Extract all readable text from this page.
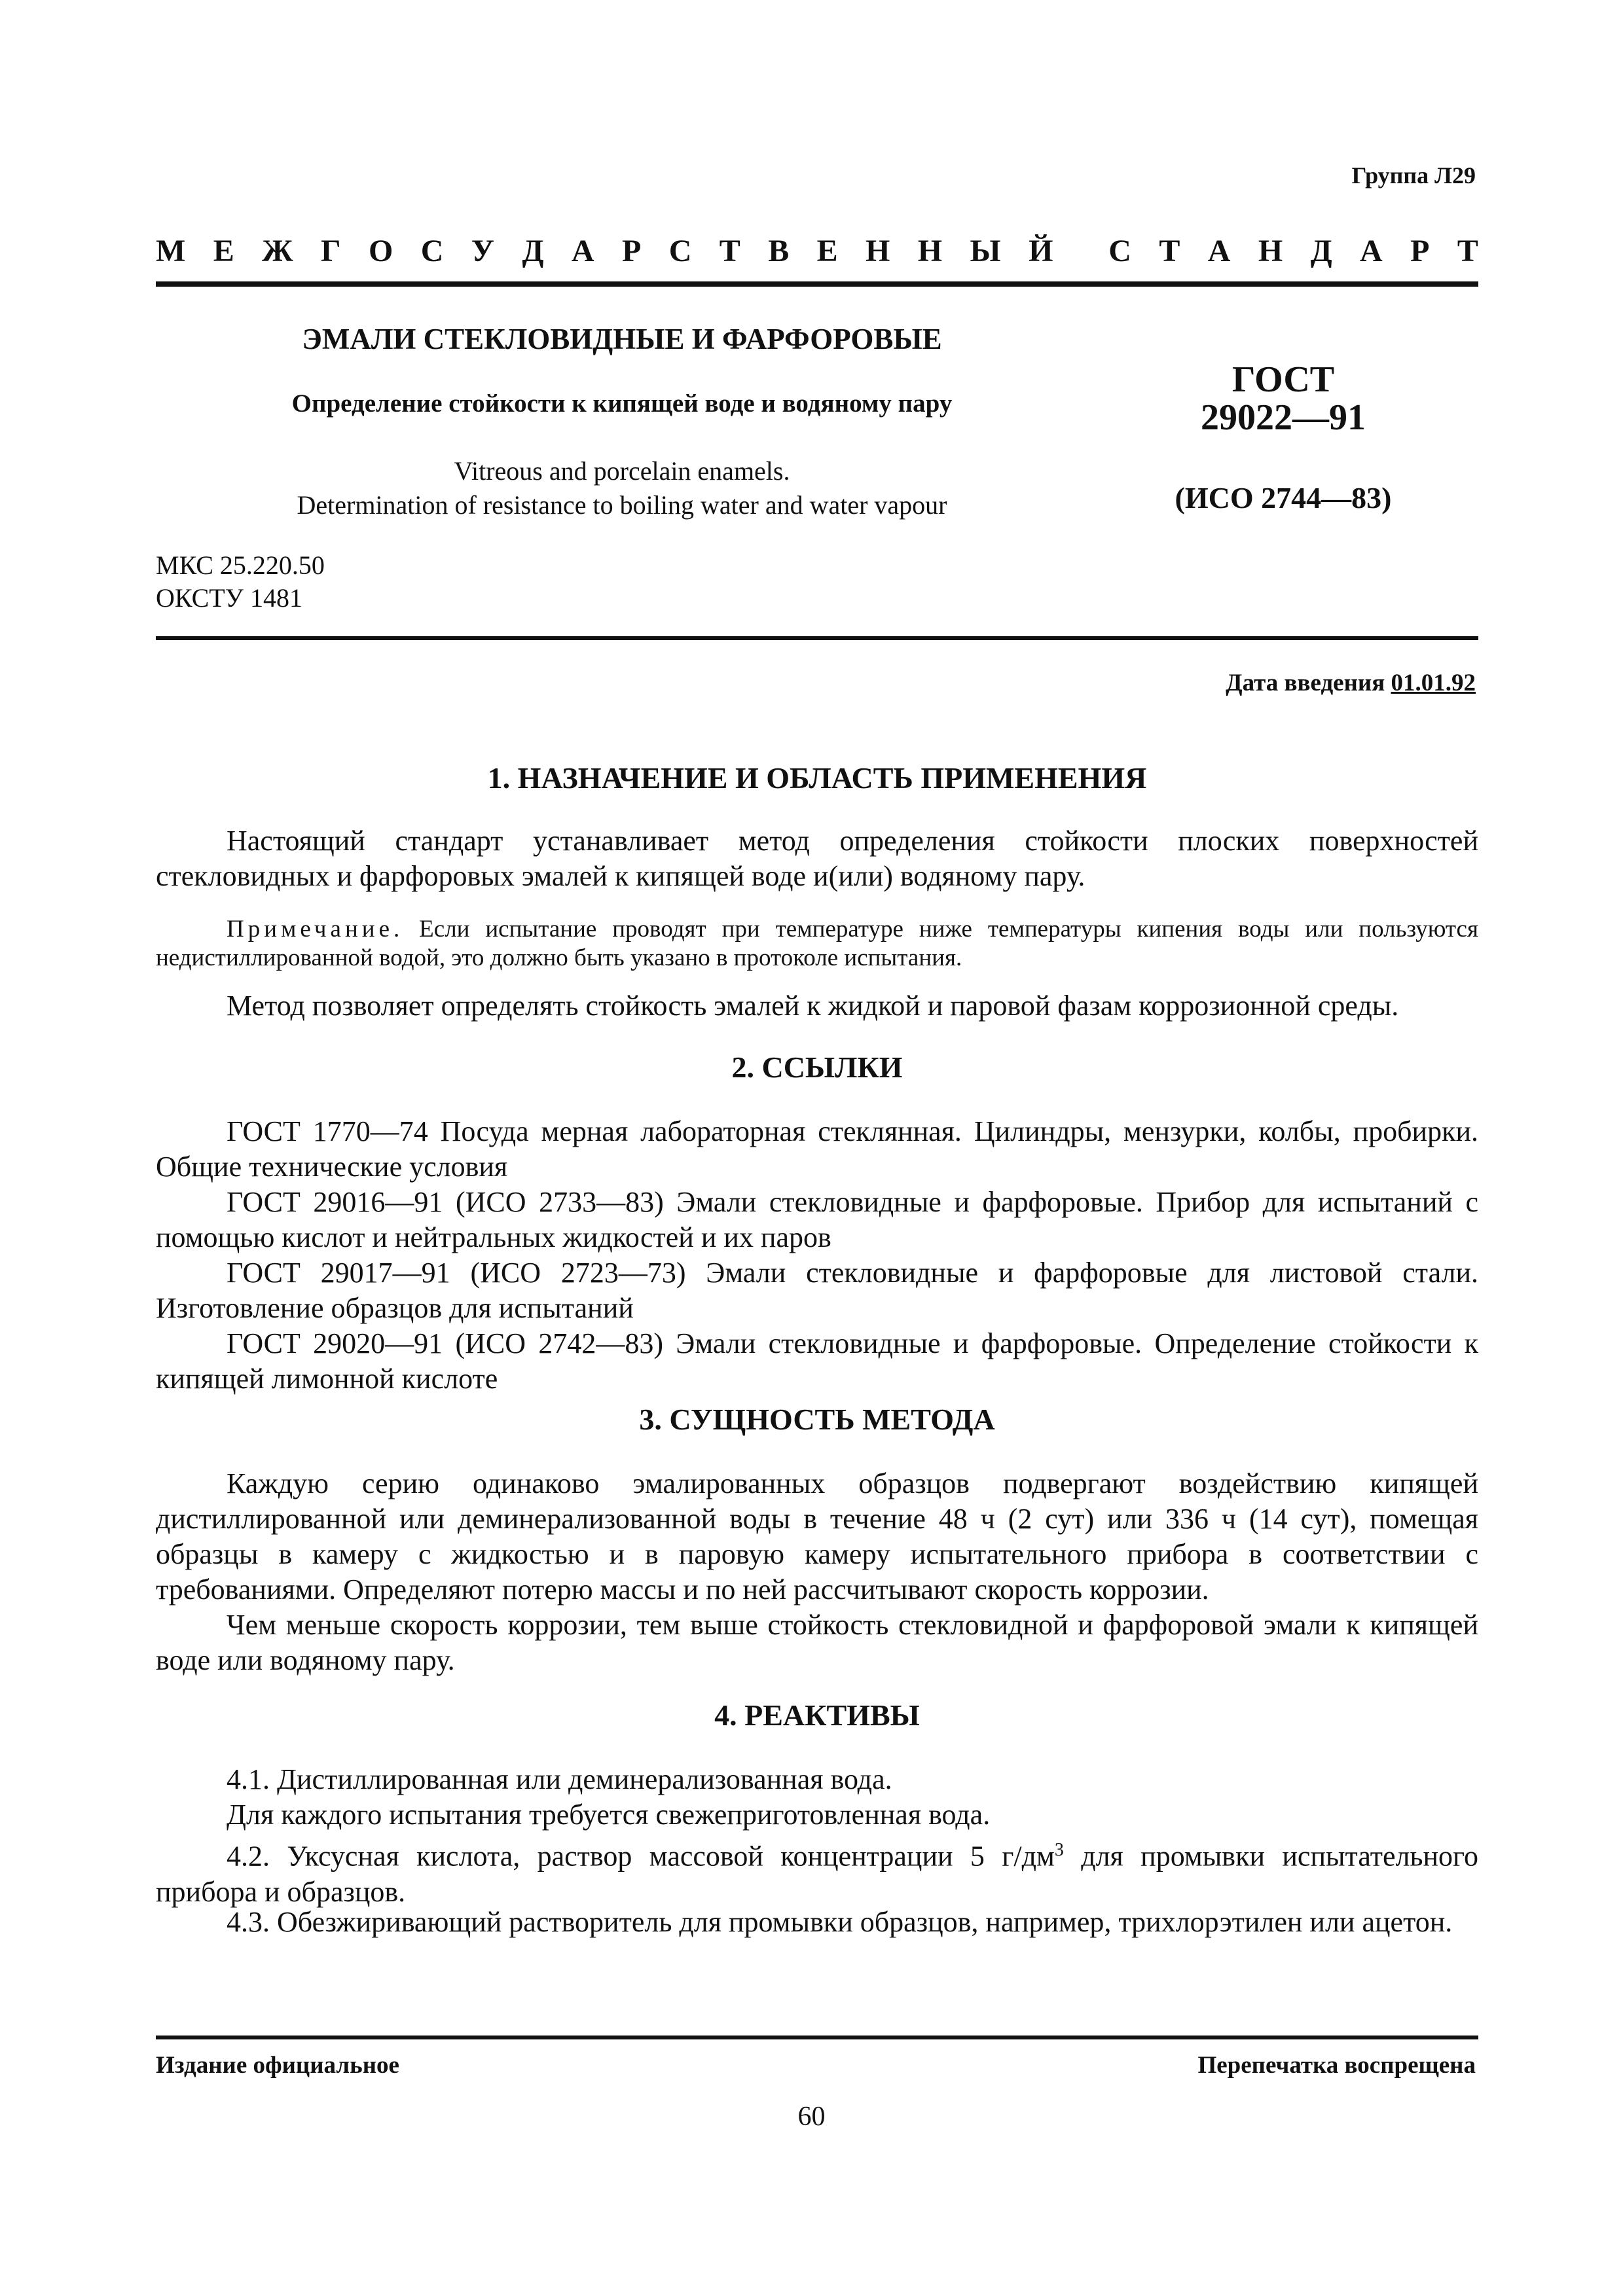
Группа Л29
М Е Ж Г О С У Д А Р С Т В Е Н Н Ы Й С Т А Н Д А Р Т
ЭМАЛИ СТЕКЛОВИДНЫЕ И ФАРФОРОВЫЕ
Определение стойкости к кипящей воде и водяному пару
Vitreous and porcelain enamels.
Determination of resistance to boiling water and water vapour
ГОСТ
29022—91
(ИСО 2744—83)
МКС 25.220.50
ОКСТУ 1481
Дата введения 01.01.92
1. НАЗНАЧЕНИЕ И ОБЛАСТЬ ПРИМЕНЕНИЯ
Настоящий стандарт устанавливает метод определения стойкости плоских поверхностей стекловидных и фарфоровых эмалей к кипящей воде и(или) водяному пару.
Примечание. Если испытание проводят при температуре ниже температуры кипения воды или пользуются недистиллированной водой, это должно быть указано в протоколе испытания.
Метод позволяет определять стойкость эмалей к жидкой и паровой фазам коррозионной среды.
2. ССЫЛКИ
ГОСТ 1770—74 Посуда мерная лабораторная стеклянная. Цилиндры, мензурки, колбы, пробирки. Общие технические условия
ГОСТ 29016—91 (ИСО 2733—83) Эмали стекловидные и фарфоровые. Прибор для испытаний с помощью кислот и нейтральных жидкостей и их паров
ГОСТ 29017—91 (ИСО 2723—73) Эмали стекловидные и фарфоровые для листовой стали. Изготовление образцов для испытаний
ГОСТ 29020—91 (ИСО 2742—83) Эмали стекловидные и фарфоровые. Определение стойкости к кипящей лимонной кислоте
3. СУЩНОСТЬ МЕТОДА
Каждую серию одинаково эмалированных образцов подвергают воздействию кипящей дистиллированной или деминерализованной воды в течение 48 ч (2 сут) или 336 ч (14 сут), помещая образцы в камеру с жидкостью и в паровую камеру испытательного прибора в соответствии с требованиями. Определяют потерю массы и по ней рассчитывают скорость коррозии.
Чем меньше скорость коррозии, тем выше стойкость стекловидной и фарфоровой эмали к кипящей воде или водяному пару.
4. РЕАКТИВЫ
4.1. Дистиллированная или деминерализованная вода.
Для каждого испытания требуется свежеприготовленная вода.
4.2. Уксусная кислота, раствор массовой концентрации 5 $г/дм^3$ для промывки испытательного прибора и образцов.
4.3. Обезжиривающий растворитель для промывки образцов, например, трихлорэтилен или ацетон.
Издание официальное	Перепечатка воспрещена
60
